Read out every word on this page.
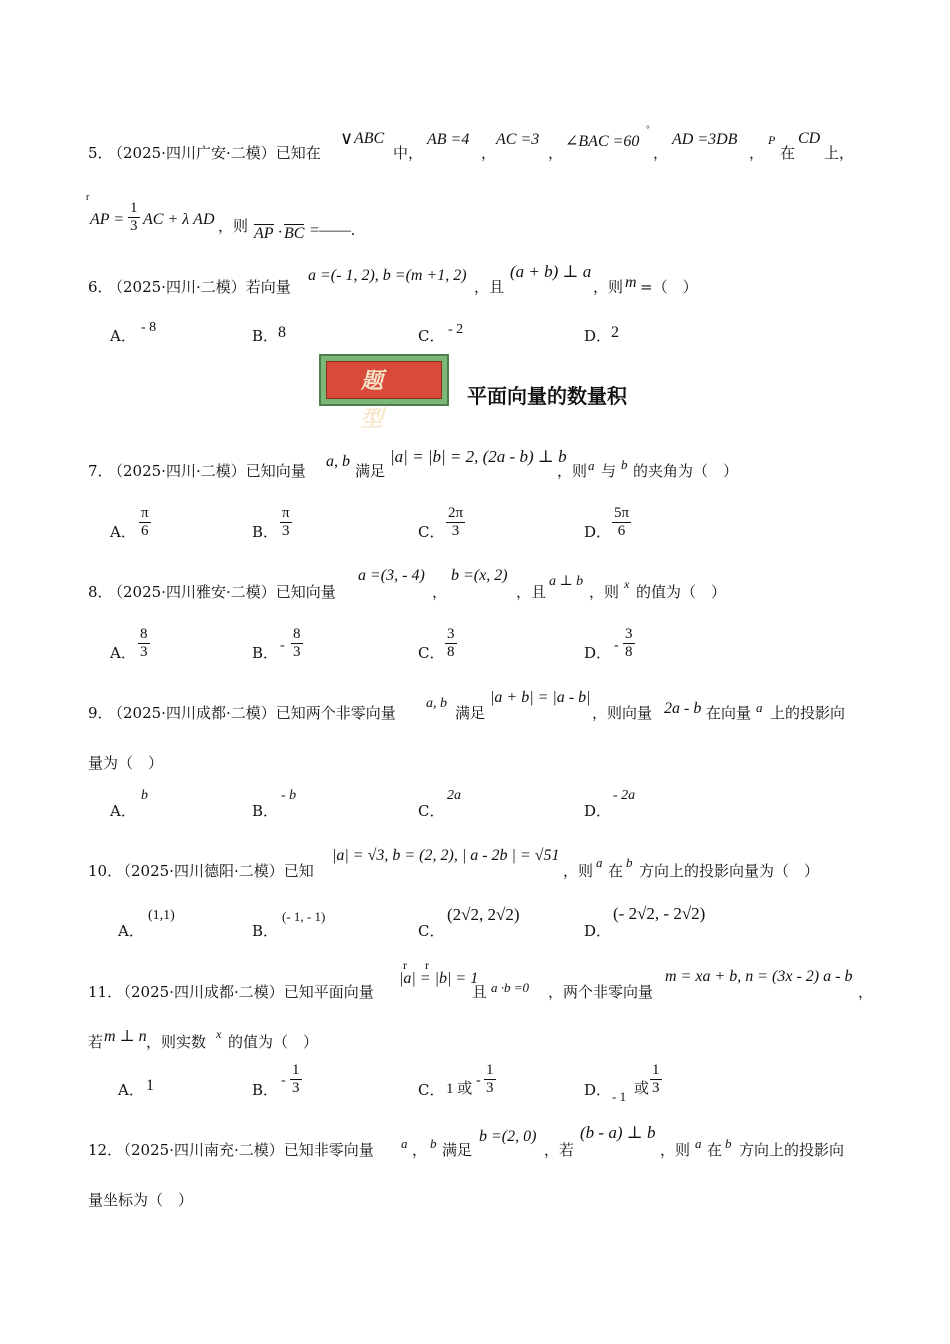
5．
（2025·四川广安·二模）已知在
∨ ABC
中，
AB =4
，
AC =3
，
∠BAC =60
°
，
AD =3DB
，
P
在
CD
上，
r
AP = $\frac{1}{3}$ AC + λ AD ，则 AP · BC =——.
6．
（2025·四川·二模）若向量
a =(- 1, 2), b =(m +1, 2)
，且
(a + b) ⊥ a
，则 m =（　）
A． - 8	B． 8	C． - 2	D． 2
题 型
平面向量的数量积
7．
（2025·四川·二模）已知向量
a, b
满足
|a| = |b| = 2, (2a - b) ⊥ b
，则 a 与 b 的夹角为（　）
A． $\frac{\pi}{6}$	B． $\frac{\pi}{3}$	C． $\frac{2\pi}{3}$	D． $\frac{5\pi}{6}$
8．
（2025·四川雅安·二模）已知向量
a =(3, - 4)
，
b =(x, 2)
，且
a ⊥ b
，则 x 的值为（　）
A． $\frac{8}{3}$	B． - $\frac{8}{3}$	C． $\frac{3}{8}$	D． - $\frac{3}{8}$
9．
（2025·四川成都·二模）已知两个非零向量
a, b
满足
|a + b| = |a - b|
，则向量 2a - b 在向量 a 上的投影向
量为（　）
A．
b
B．
- b
C．
2a
D．
- 2a
10．
（2025·四川德阳·二模）已知
|a| = √3, b = (2, 2), | a - 2b | = √51
，则 a 在 b 方向上的投影向量为（　）
A．
(1,1)
B．
(- 1, - 1)
C．
(2√2, 2√2)
D．
(- 2√2, - 2√2)
11．
（2025·四川成都·二模）已知平面向量
r r
|a| = |b| = 1
且 a ·b =0 ，两个非零向量
m = xa + b, n = (3x - 2) a - b
，
若 m ⊥ n ，则实数 x 的值为（　）
A． 1	B．
- $\frac{1}{3}$	C． 1 或
- $\frac{1}{3}$	D． - 1 或 $\frac{1}{3}$
12．
（2025·四川南充·二模）已知非零向量 a ， b 满足
b =(2, 0)
，若
(b - a) ⊥ b
，则 a 在 b 方向上的投影向
量坐标为（　）
